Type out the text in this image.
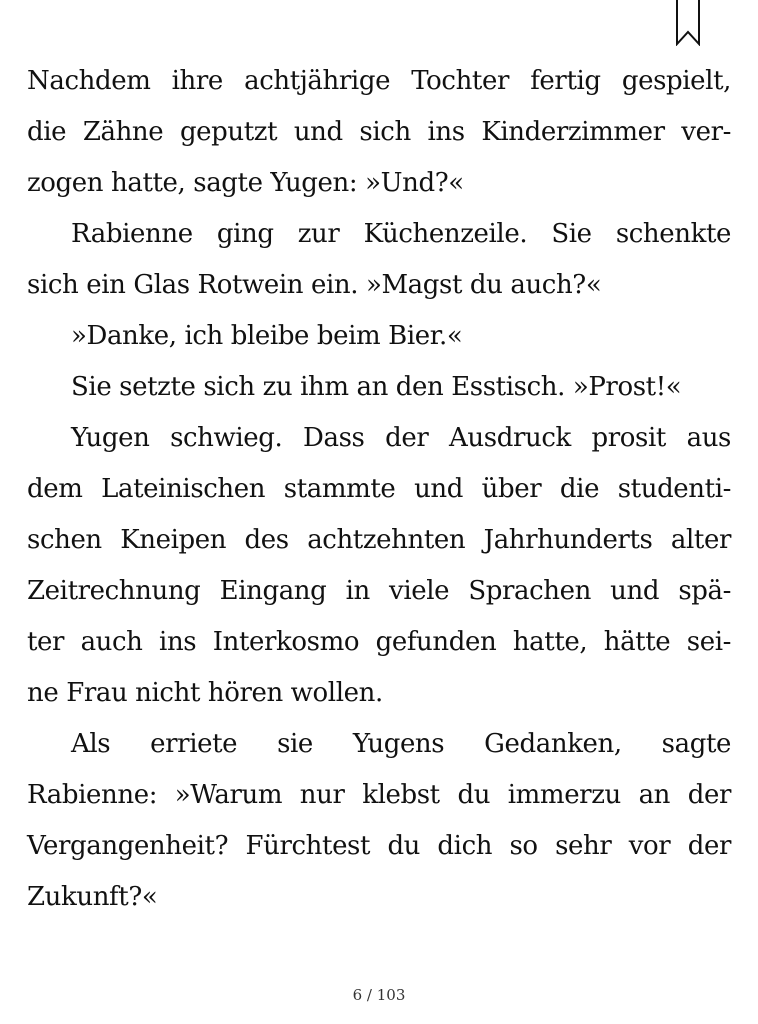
Nachdem ihre achtjährige Tochter fertig gespielt,
die Zähne geputzt und sich ins Kinderzimmer ver-
zogen hatte, sagte Yugen: »Und?«
Rabienne ging zur Küchenzeile. Sie schenkte
sich ein Glas Rotwein ein. »Magst du auch?«
»Danke, ich bleibe beim Bier.«
Sie setzte sich zu ihm an den Esstisch. »Prost!«
Yugen schwieg. Dass der Ausdruck prosit aus
dem Lateinischen stammte und über die studenti-
schen Kneipen des achtzehnten Jahrhunderts alter
Zeitrechnung Eingang in viele Sprachen und spä-
ter auch ins Interkosmo gefunden hatte, hätte sei-
ne Frau nicht hören wollen.
Als erriete sie Yugens Gedanken, sagte
Rabienne: »Warum nur klebst du immerzu an der
Vergangenheit? Fürchtest du dich so sehr vor der
Zukunft?«
6 / 103
